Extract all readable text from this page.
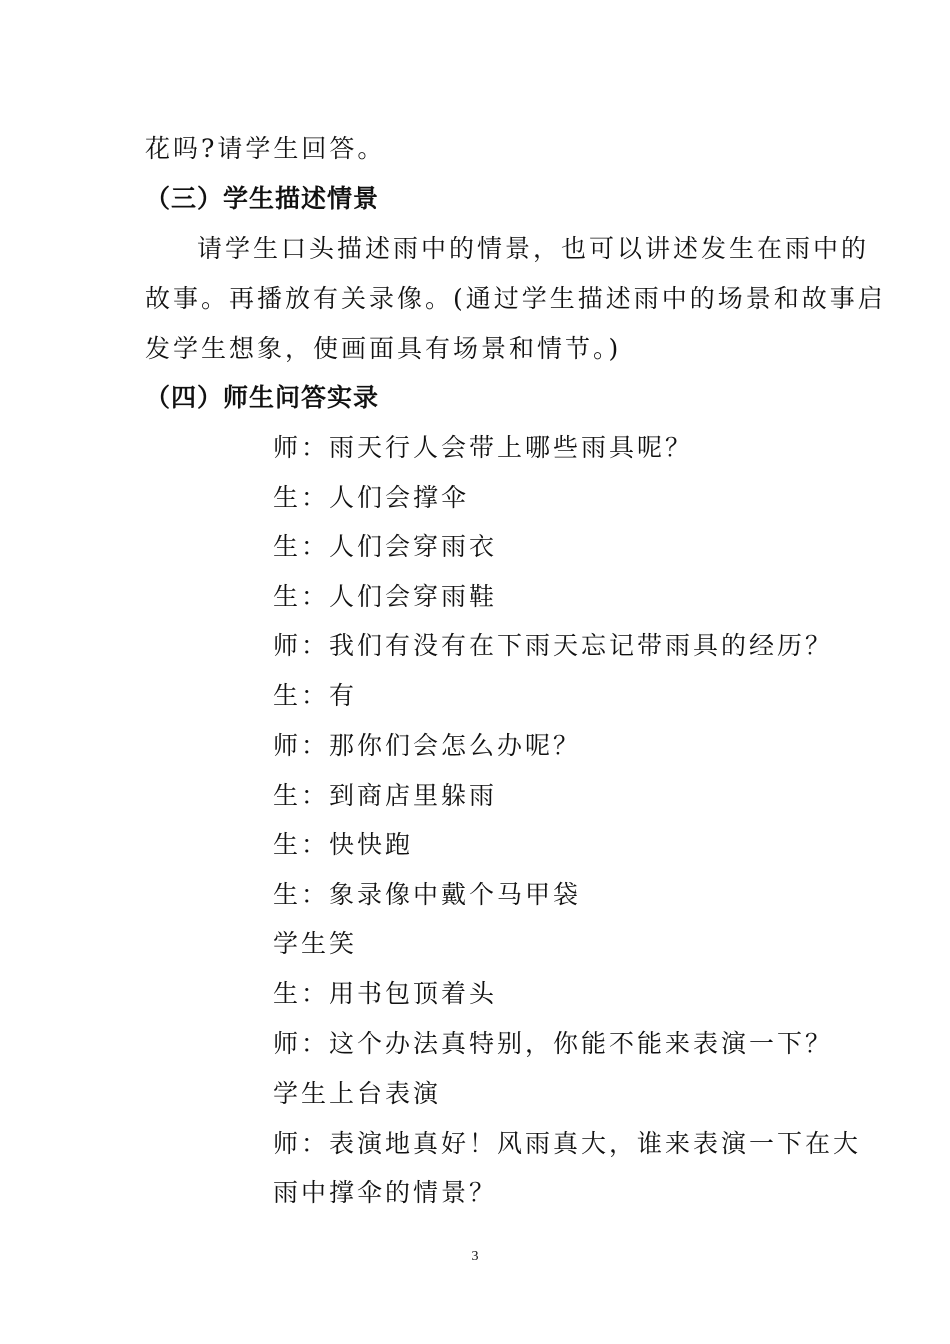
花吗?请学生回答。
（三）学生描述情景
请学生口头描述雨中的情景，也可以讲述发生在雨中的
故事。再播放有关录像。(通过学生描述雨中的场景和故事启
发学生想象，使画面具有场景和情节。)
（四）师生问答实录
师：雨天行人会带上哪些雨具呢？
生：人们会撑伞
生：人们会穿雨衣
生：人们会穿雨鞋
师：我们有没有在下雨天忘记带雨具的经历？
生：有
师：那你们会怎么办呢？
生：到商店里躲雨
生：快快跑
生：象录像中戴个马甲袋
学生笑
生：用书包顶着头
师：这个办法真特别，你能不能来表演一下？
学生上台表演
师：表演地真好！风雨真大，谁来表演一下在大
雨中撑伞的情景？
3
